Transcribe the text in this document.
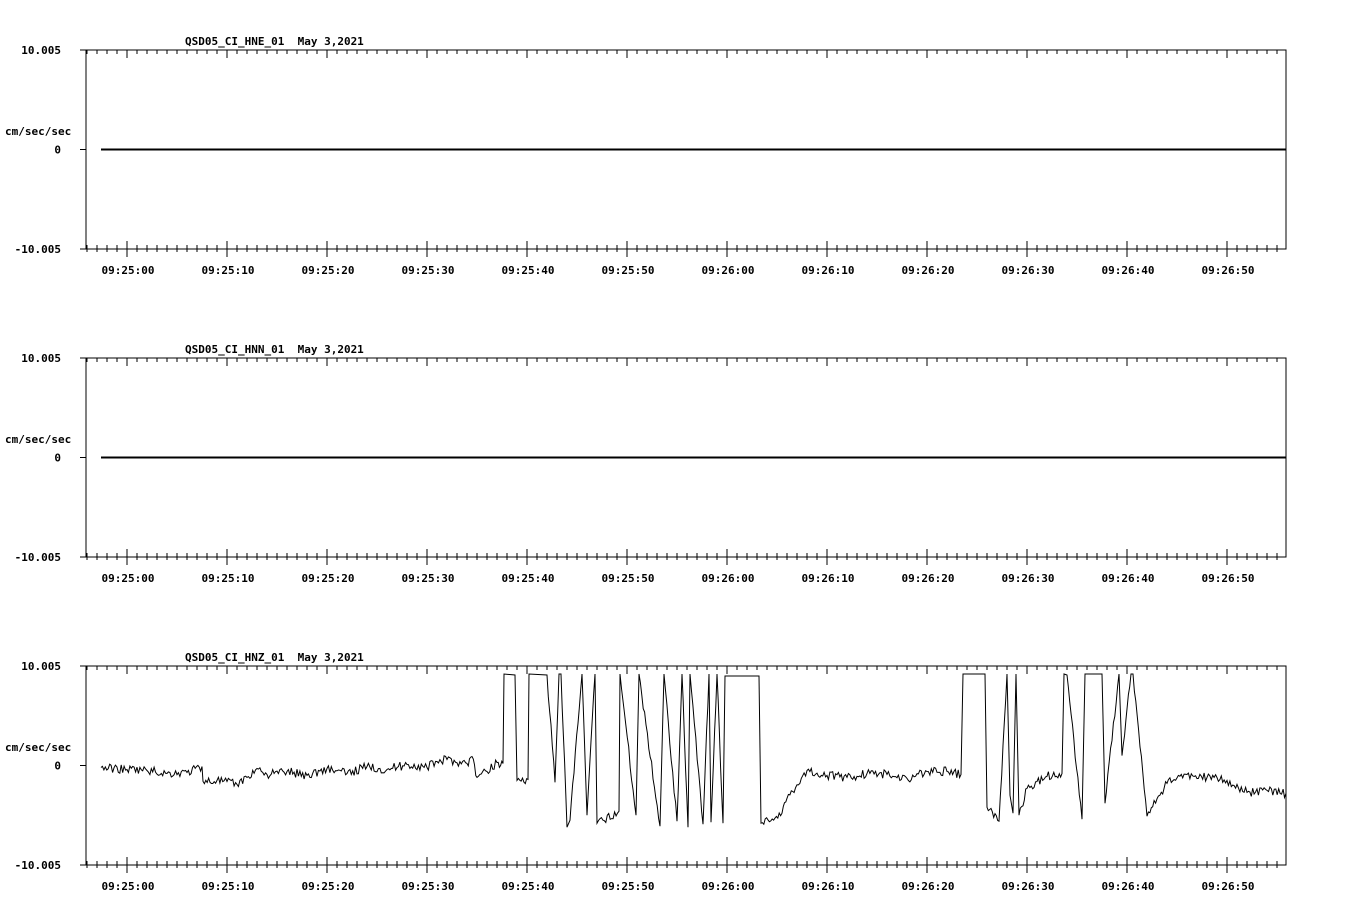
QSD05_CI_HNE_01  May 3,2021
cm/sec/sec
10.005
0
-10.005
09:25:00	09:25:10	09:25:20	09:25:30	09:25:40	09:25:50	09:26:00	09:26:10	09:26:20	09:26:30	09:26:40	09:26:50
QSD05_CI_HNN_01  May 3,2021
cm/sec/sec
10.005
0
-10.005
09:25:00	09:25:10	09:25:20	09:25:30	09:25:40	09:25:50	09:26:00	09:26:10	09:26:20	09:26:30	09:26:40	09:26:50
QSD05_CI_HNZ_01  May 3,2021
cm/sec/sec
10.005
0
-10.005
09:25:00	09:25:10	09:25:20	09:25:30	09:25:40	09:25:50	09:26:00	09:26:10	09:26:20	09:26:30	09:26:40	09:26:50
